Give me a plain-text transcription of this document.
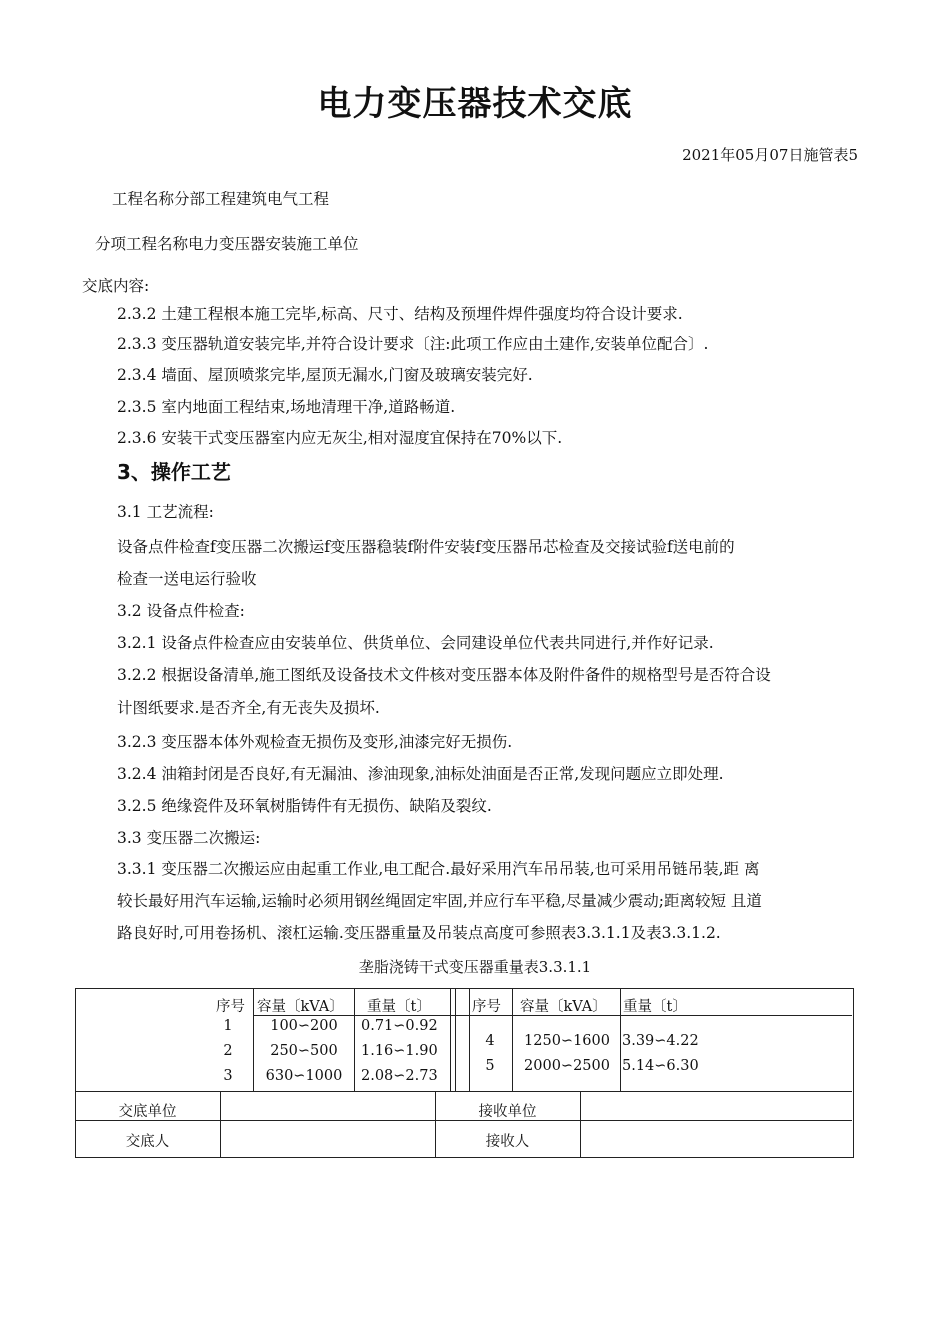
电力变压器技术交底
2021年05月07日施管表5
工程名称分部工程建筑电气工程
分项工程名称电力变压器安装施工单位
交底内容:
2.3.2 土建工程根本施工完毕,标高、尺寸、结构及预埋件焊件强度均符合设计要求.
2.3.3 变压器轨道安装完毕,并符合设计要求〔注:此项工作应由土建作,安装单位配合〕.
2.3.4 墙面、屋顶喷浆完毕,屋顶无漏水,门窗及玻璃安装完好.
2.3.5 室内地面工程结束,场地清理干净,道路畅道.
2.3.6 安装干式变压器室内应无灰尘,相对湿度宜保持在70%以下.
3、操作工艺
3.1 工艺流程:
设备点件检查f变压器二次搬运f变压器稳装f附件安装f变压器吊芯检查及交接试验f送电前的
检查一送电运行验收
3.2 设备点件检查:
3.2.1 设备点件检查应由安装单位、供货单位、会同建设单位代表共同进行,并作好记录.
3.2.2 根据设备清单,施工图纸及设备技术文件核对变压器本体及附件备件的规格型号是否符合设
计图纸要求.是否齐全,有无丧失及损坏.
3.2.3 变压器本体外观检查无损伤及变形,油漆完好无损伤.
3.2.4 油箱封闭是否良好,有无漏油、渗油现象,油标处油面是否正常,发现问题应立即处理.
3.2.5 绝缘瓷件及环氧树脂铸件有无损伤、缺陷及裂纹.
3.3 变压器二次搬运:
3.3.1 变压器二次搬运应由起重工作业,电工配合.最好采用汽车吊吊装,也可采用吊链吊装,距 离
较长最好用汽车运输,运输时必须用钢丝绳固定牢固,并应行车平稳,尽量减少震动;距离较短 且道
路良好时,可用卷扬机、滚杠运输.变压器重量及吊装点高度可参照表3.3.1.1及表3.3.1.2.
垄脂浇铸干式变压器重量表3.3.1.1
序号 容量〔kVA〕 重量〔t〕	序号 容量〔kVA〕 重量〔t〕
1	100∽200	0.71∽0.92
2	250∽500	1.16∽1.90
3	630∽1000	2.08∽2.73
4	1250∽1600 3.39∽4.22
5	2000∽2500 5.14∽6.30
交底单位	接收单位
交底人	接收人
